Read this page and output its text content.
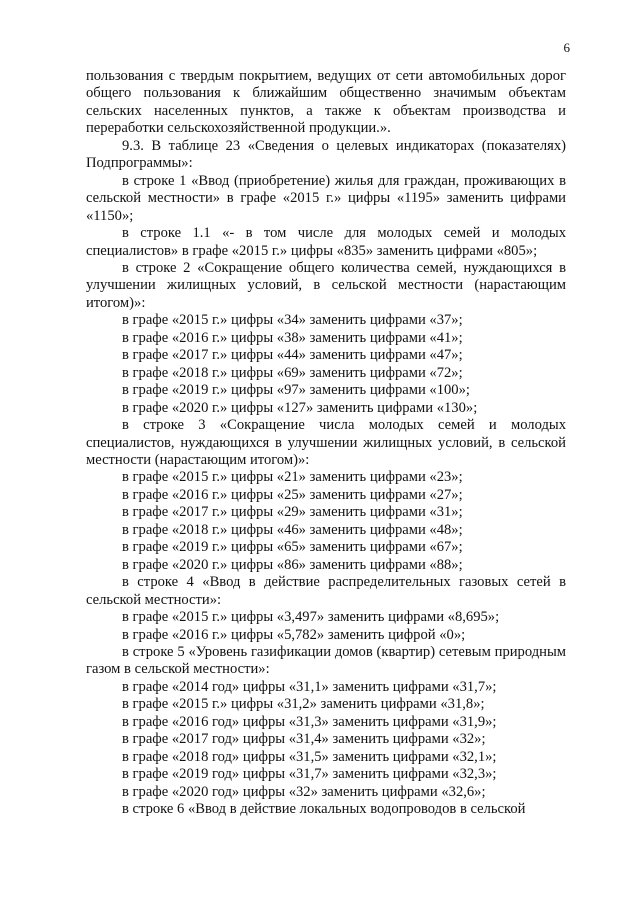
6

пользования с твердым покрытием, ведущих от сети автомобильных дорог общего пользования к ближайшим общественно значимым объектам сельских населенных пунктов, а также к объектам производства и переработки сельскохозяйственной продукции.».

9.3. В таблице 23 «Сведения о целевых индикаторах (показателях) Подпрограммы»:

в строке 1 «Ввод (приобретение) жилья для граждан, проживающих в сельской местности» в графе «2015 г.» цифры «1195» заменить цифрами «1150»;

в строке 1.1 «- в том числе для молодых семей и молодых специалистов» в графе «2015 г.» цифры «835» заменить цифрами «805»;

в строке 2 «Сокращение общего количества семей, нуждающихся в улучшении жилищных условий, в сельской местности (нарастающим итогом)»:

в графе «2015 г.» цифры «34» заменить цифрами «37»;

в графе «2016 г.» цифры «38» заменить цифрами «41»;

в графе «2017 г.» цифры «44» заменить цифрами «47»;

в графе «2018 г.» цифры «69» заменить цифрами «72»;

в графе «2019 г.» цифры «97» заменить цифрами «100»;

в графе «2020 г.» цифры «127» заменить цифрами «130»;

в строке 3 «Сокращение числа молодых семей и молодых специалистов, нуждающихся в улучшении жилищных условий, в сельской местности (нарастающим итогом)»:

в графе «2015 г.» цифры «21» заменить цифрами «23»;

в графе «2016 г.» цифры «25» заменить цифрами «27»;

в графе «2017 г.» цифры «29» заменить цифрами «31»;

в графе «2018 г.» цифры «46» заменить цифрами «48»;

в графе «2019 г.» цифры «65» заменить цифрами «67»;

в графе «2020 г.» цифры «86» заменить цифрами «88»;

в строке 4 «Ввод в действие распределительных газовых сетей в сельской местности»:

в графе «2015 г.» цифры «3,497» заменить цифрами «8,695»;

в графе «2016 г.» цифры «5,782» заменить цифрой «0»;

в строке 5 «Уровень газификации домов (квартир) сетевым природным газом в сельской местности»:

в графе «2014 год» цифры «31,1» заменить цифрами «31,7»;

в графе «2015 г.» цифры «31,2» заменить цифрами «31,8»;

в графе «2016 год» цифры «31,3» заменить цифрами «31,9»;

в графе «2017 год» цифры «31,4» заменить цифрами «32»;

в графе «2018 год» цифры «31,5» заменить цифрами «32,1»;

в графе «2019 год» цифры «31,7» заменить цифрами «32,3»;

в графе «2020 год» цифры «32» заменить цифрами «32,6»;

в строке 6 «Ввод в действие локальных водопроводов в сельской
